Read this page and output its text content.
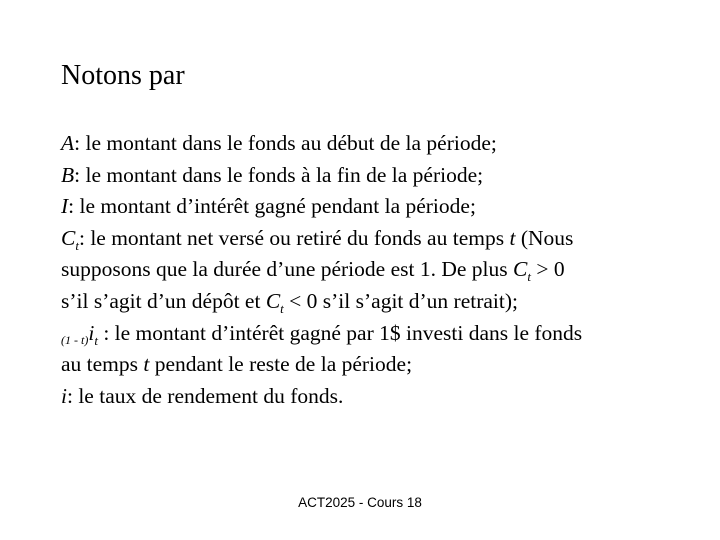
Notons par
A: le montant dans le fonds au début de la période;
B: le montant dans le fonds à la fin de la période;
I: le montant d’intérêt gagné pendant la période;
$C_t$: le montant net versé ou retiré du fonds au temps t (Nous
supposons que la durée d’une période est 1. De plus $C_t > 0$
s’il s’agit d’un dépôt et $C_t < 0$ s’il s’agit d’un retrait);
$(1 - t)i_t$ : le montant d’intérêt gagné par 1$ investi dans le fonds
au temps t pendant le reste de la période;
i: le taux de rendement du fonds.
ACT2025 - Cours 18
